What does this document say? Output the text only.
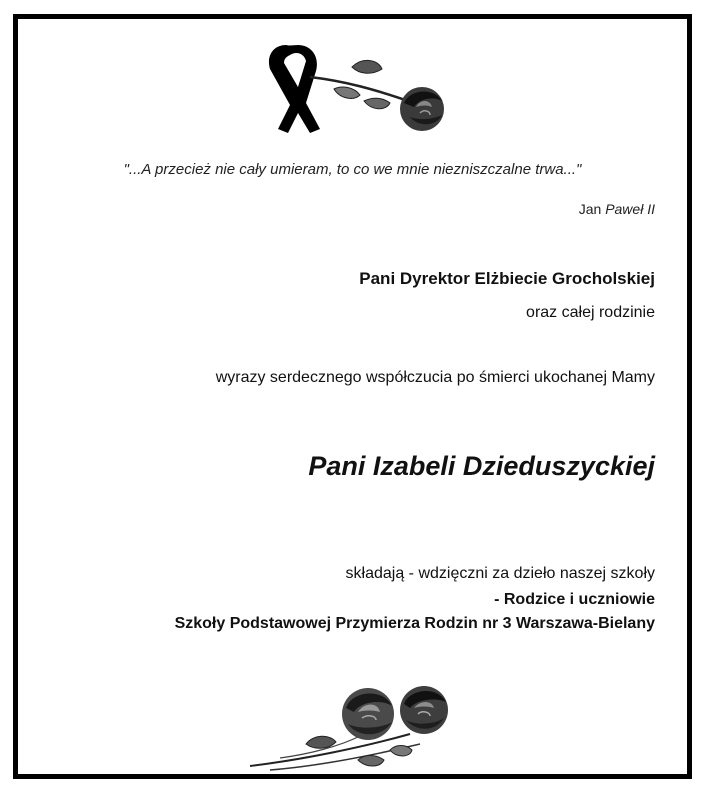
"...A przecież nie cały umieram, to co we mnie niezniszczalne trwa..."
Jan Paweł II
Pani Dyrektor Elżbiecie Grocholskiej
oraz całej rodzinie
wyrazy serdecznego współczucia po śmierci ukochanej Mamy
Pani Izabeli Dzieduszyckiej
składają - wdzięczni za dzieło naszej szkoły
- Rodzice i uczniowie
Szkoły Podstawowej Przymierza Rodzin nr 3 Warszawa-Bielany
